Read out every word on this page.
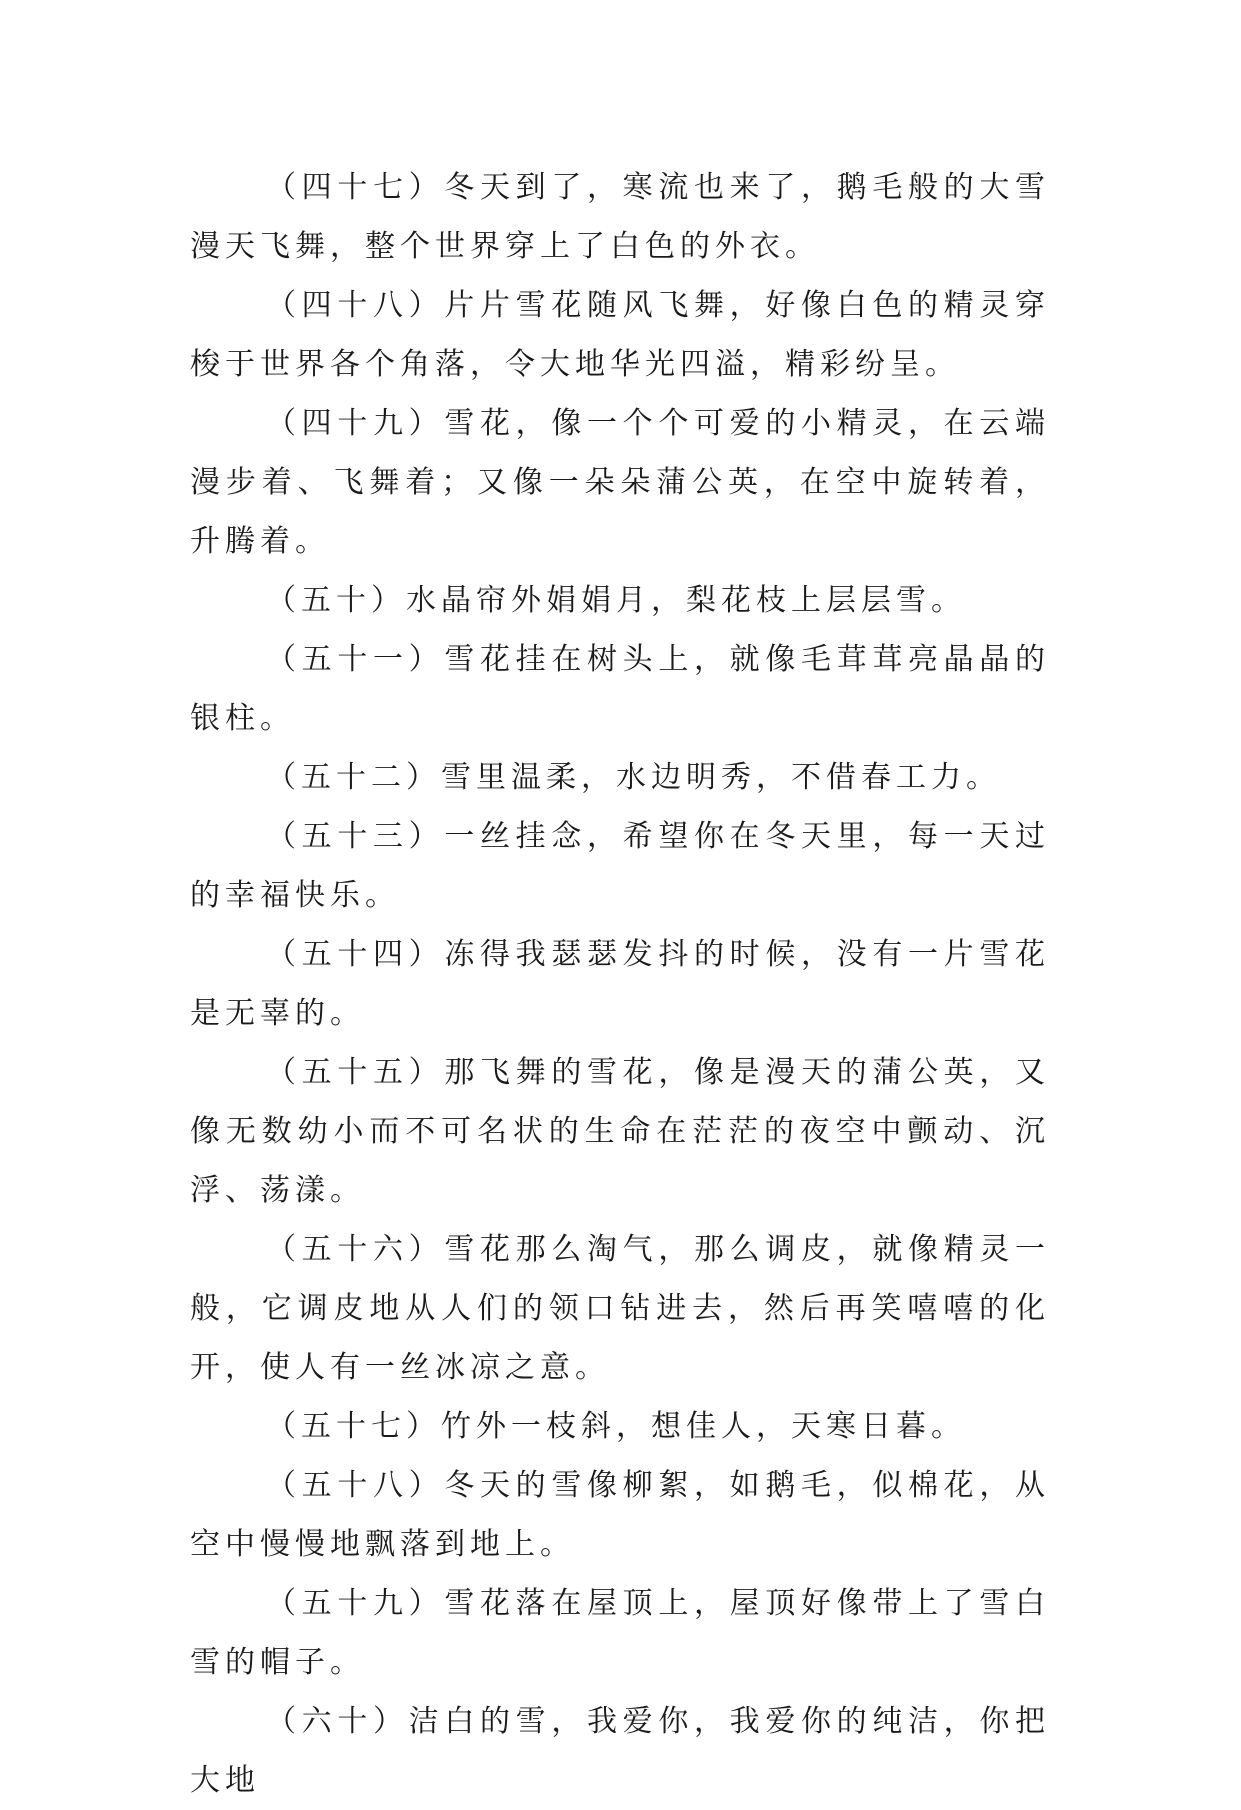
（四十七）冬天到了，寒流也来了，鹅毛般的大雪漫天飞舞，整个世界穿上了白色的外衣。

（四十八）片片雪花随风飞舞，好像白色的精灵穿梭于世界各个角落，令大地华光四溢，精彩纷呈。

（四十九）雪花，像一个个可爱的小精灵，在云端漫步着、飞舞着；又像一朵朵蒲公英，在空中旋转着，升腾着。

（五十）水晶帘外娟娟月，梨花枝上层层雪。

（五十一）雪花挂在树头上，就像毛茸茸亮晶晶的银柱。

（五十二）雪里温柔，水边明秀，不借春工力。

（五十三）一丝挂念，希望你在冬天里，每一天过的幸福快乐。

（五十四）冻得我瑟瑟发抖的时候，没有一片雪花是无辜的。

（五十五）那飞舞的雪花，像是漫天的蒲公英，又像无数幼小而不可名状的生命在茫茫的夜空中颤动、沉浮、荡漾。

（五十六）雪花那么淘气，那么调皮，就像精灵一般，它调皮地从人们的领口钻进去，然后再笑嘻嘻的化开，使人有一丝冰凉之意。

（五十七）竹外一枝斜，想佳人，天寒日暮。

（五十八）冬天的雪像柳絮，如鹅毛，似棉花，从空中慢慢地飘落到地上。

（五十九）雪花落在屋顶上，屋顶好像带上了雪白雪的帽子。

（六十）洁白的雪，我爱你，我爱你的纯洁，你把大地
